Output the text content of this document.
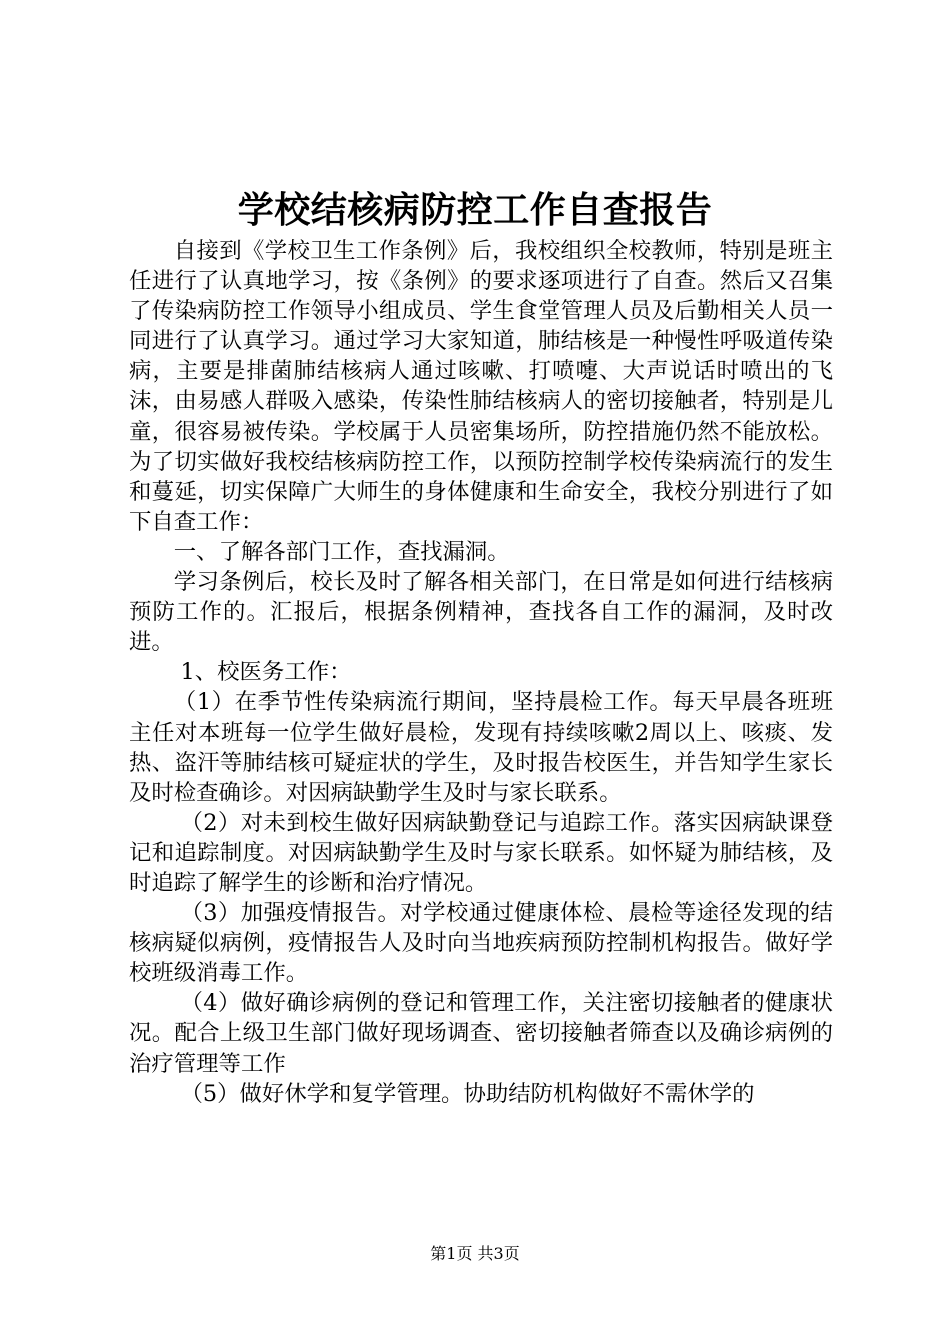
学校结核病防控工作自查报告

自接到《学校卫生工作条例》后，我校组织全校教师，特别是班主任进行了认真地学习，按《条例》的要求逐项进行了自查。然后又召集了传染病防控工作领导小组成员、学生食堂管理人员及后勤相关人员一同进行了认真学习。通过学习大家知道，肺结核是一种慢性呼吸道传染病，主要是排菌肺结核病人通过咳嗽、打喷嚏、大声说话时喷出的飞沫，由易感人群吸入感染，传染性肺结核病人的密切接触者，特别是儿童，很容易被传染。学校属于人员密集场所，防控措施仍然不能放松。为了切实做好我校结核病防控工作，以预防控制学校传染病流行的发生和蔓延，切实保障广大师生的身体健康和生命安全，我校分别进行了如下自查工作：

一、了解各部门工作，查找漏洞。

学习条例后，校长及时了解各相关部门，在日常是如何进行结核病预防工作的。汇报后，根据条例精神，查找各自工作的漏洞，及时改进。

1、校医务工作：

（1）在季节性传染病流行期间，坚持晨检工作。每天早晨各班班主任对本班每一位学生做好晨检，发现有持续咳嗽2周以上、咳痰、发热、盗汗等肺结核可疑症状的学生，及时报告校医生，并告知学生家长及时检查确诊。对因病缺勤学生及时与家长联系。

（2）对未到校生做好因病缺勤登记与追踪工作。落实因病缺课登记和追踪制度。对因病缺勤学生及时与家长联系。如怀疑为肺结核，及时追踪了解学生的诊断和治疗情况。

（3）加强疫情报告。对学校通过健康体检、晨检等途径发现的结核病疑似病例，疫情报告人及时向当地疾病预防控制机构报告。做好学校班级消毒工作。

（4）做好确诊病例的登记和管理工作，关注密切接触者的健康状况。配合上级卫生部门做好现场调查、密切接触者筛查以及确诊病例的治疗管理等工作

（5）做好休学和复学管理。协助结防机构做好不需休学的

第1页 共3页
